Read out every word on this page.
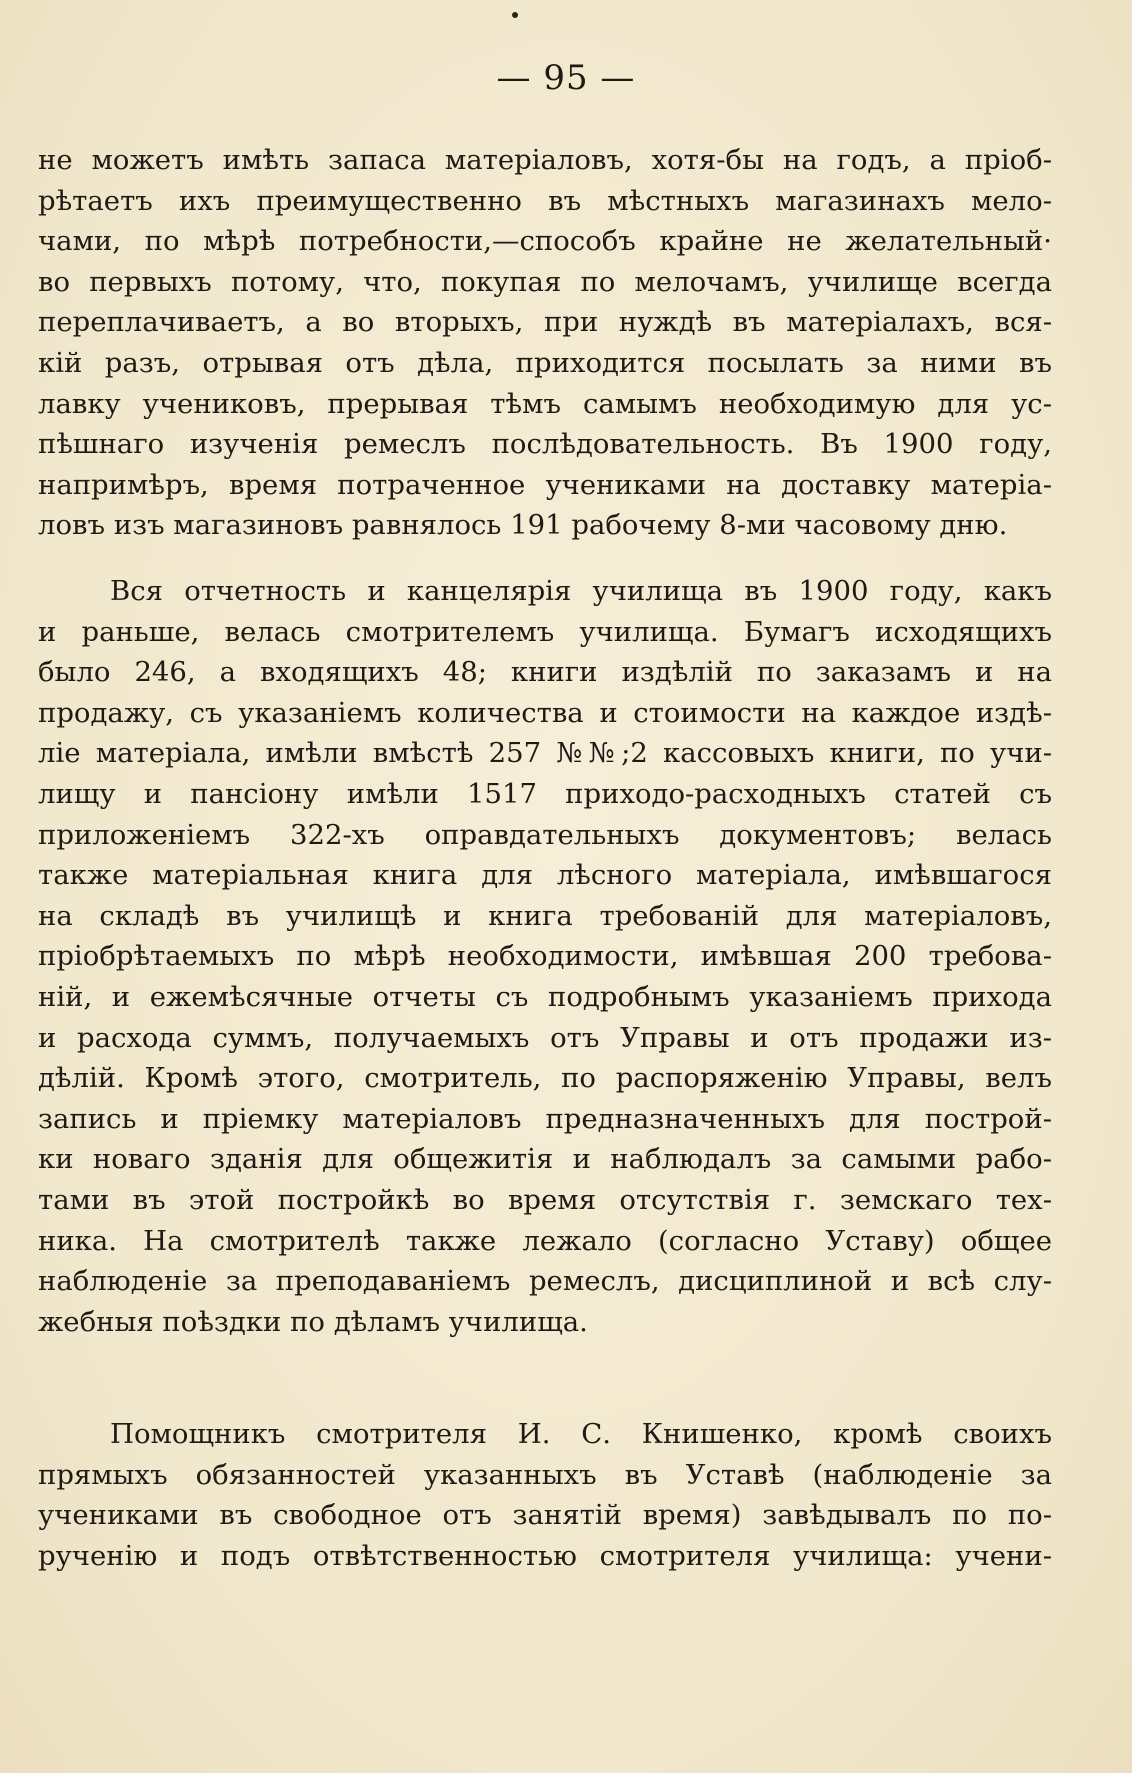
— 95 —
не можетъ имѣть запаса матеріаловъ, хотя-бы на годъ, а пріоб-
рѣтаетъ ихъ преимущественно въ мѣстныхъ магазинахъ мело-
чами, по мѣрѣ потребности,—способъ крайне не желательный·
во первыхъ потому, что, покупая по мелочамъ, училище всегда
переплачиваетъ, а во вторыхъ, при нуждѣ въ матеріалахъ, вся-
кій разъ, отрывая отъ дѣла, приходится посылать за ними въ
лавку учениковъ, прерывая тѣмъ самымъ необходимую для ус-
пѣшнаго изученія ремеслъ послѣдовательность. Въ 1900 году,
напримѣръ, время потраченное учениками на доставку матеріа-
ловъ изъ магазиновъ равнялось 191 рабочему 8-ми часовому дню.
Вся отчетность и канцелярія училища въ 1900 году, какъ
и раньше, велась смотрителемъ училища. Бумагъ исходящихъ
было 246, а входящихъ 48; книги издѣлій по заказамъ и на
продажу, съ указаніемъ количества и стоимости на каждое издѣ-
ліе матеріала, имѣли вмѣстѣ 257 №№;2 кассовыхъ книги, по учи-
лищу и пансіону имѣли 1517 приходо-расходныхъ статей съ
приложеніемъ 322-хъ оправдательныхъ документовъ; велась
также матеріальная книга для лѣсного матеріала, имѣвшагося
на складѣ въ училищѣ и книга требованій для матеріаловъ,
пріобрѣтаемыхъ по мѣрѣ необходимости, имѣвшая 200 требова-
ній, и ежемѣсячные отчеты съ подробнымъ указаніемъ прихода
и расхода суммъ, получаемыхъ отъ Управы и отъ продажи из-
дѣлій. Кромѣ этого, смотритель, по распоряженію Управы, велъ
запись и пріемку матеріаловъ предназначенныхъ для построй-
ки новаго зданія для общежитія и наблюдалъ за самыми рабо-
тами въ этой постройкѣ во время отсутствія г. земскаго тех-
ника. На смотрителѣ также лежало (согласно Уставу) общее
наблюденіе за преподаваніемъ ремеслъ, дисциплиной и всѣ слу-
жебныя поѣздки по дѣламъ училища.
Помощникъ смотрителя И. С. Книшенко, кромѣ своихъ
прямыхъ обязанностей указанныхъ въ Уставѣ (наблюденіе за
учениками въ свободное отъ занятій время) завѣдывалъ по по-
рученію и подъ отвѣтственностью смотрителя училища: учени-
